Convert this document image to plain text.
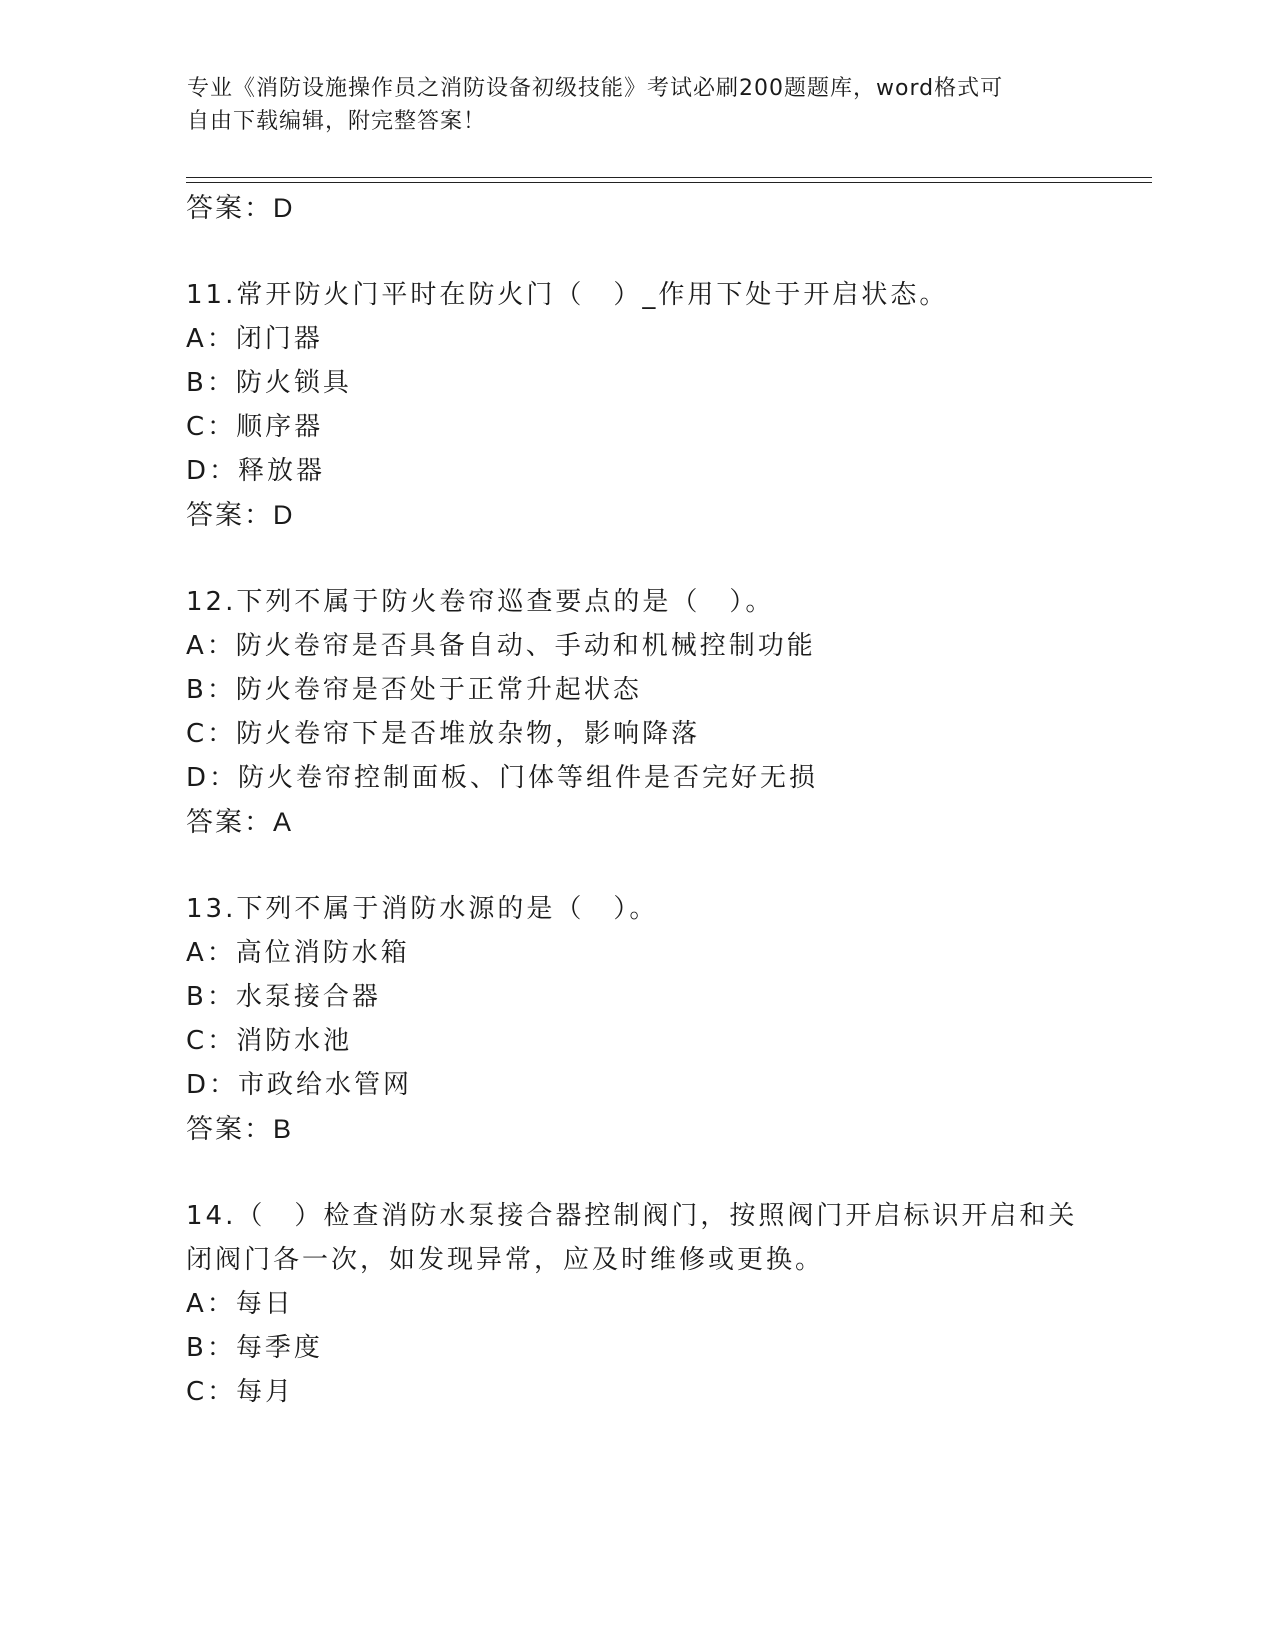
专业《消防设施操作员之消防设备初级技能》考试必刷200题题库，word格式可
自由下载编辑，附完整答案！
答案：D
11.常开防火门平时在防火门（　）_作用下处于开启状态。
A：闭门器
B：防火锁具
C：顺序器
D：释放器
答案：D
12.下列不属于防火卷帘巡查要点的是（　）。
A：防火卷帘是否具备自动、手动和机械控制功能
B：防火卷帘是否处于正常升起状态
C：防火卷帘下是否堆放杂物，影响降落
D：防火卷帘控制面板、门体等组件是否完好无损
答案：A
13.下列不属于消防水源的是（　）。
A：高位消防水箱
B：水泵接合器
C：消防水池
D：市政给水管网
答案：B
14.（　）检查消防水泵接合器控制阀门，按照阀门开启标识开启和关
闭阀门各一次，如发现异常，应及时维修或更换。
A：每日
B：每季度
C：每月
